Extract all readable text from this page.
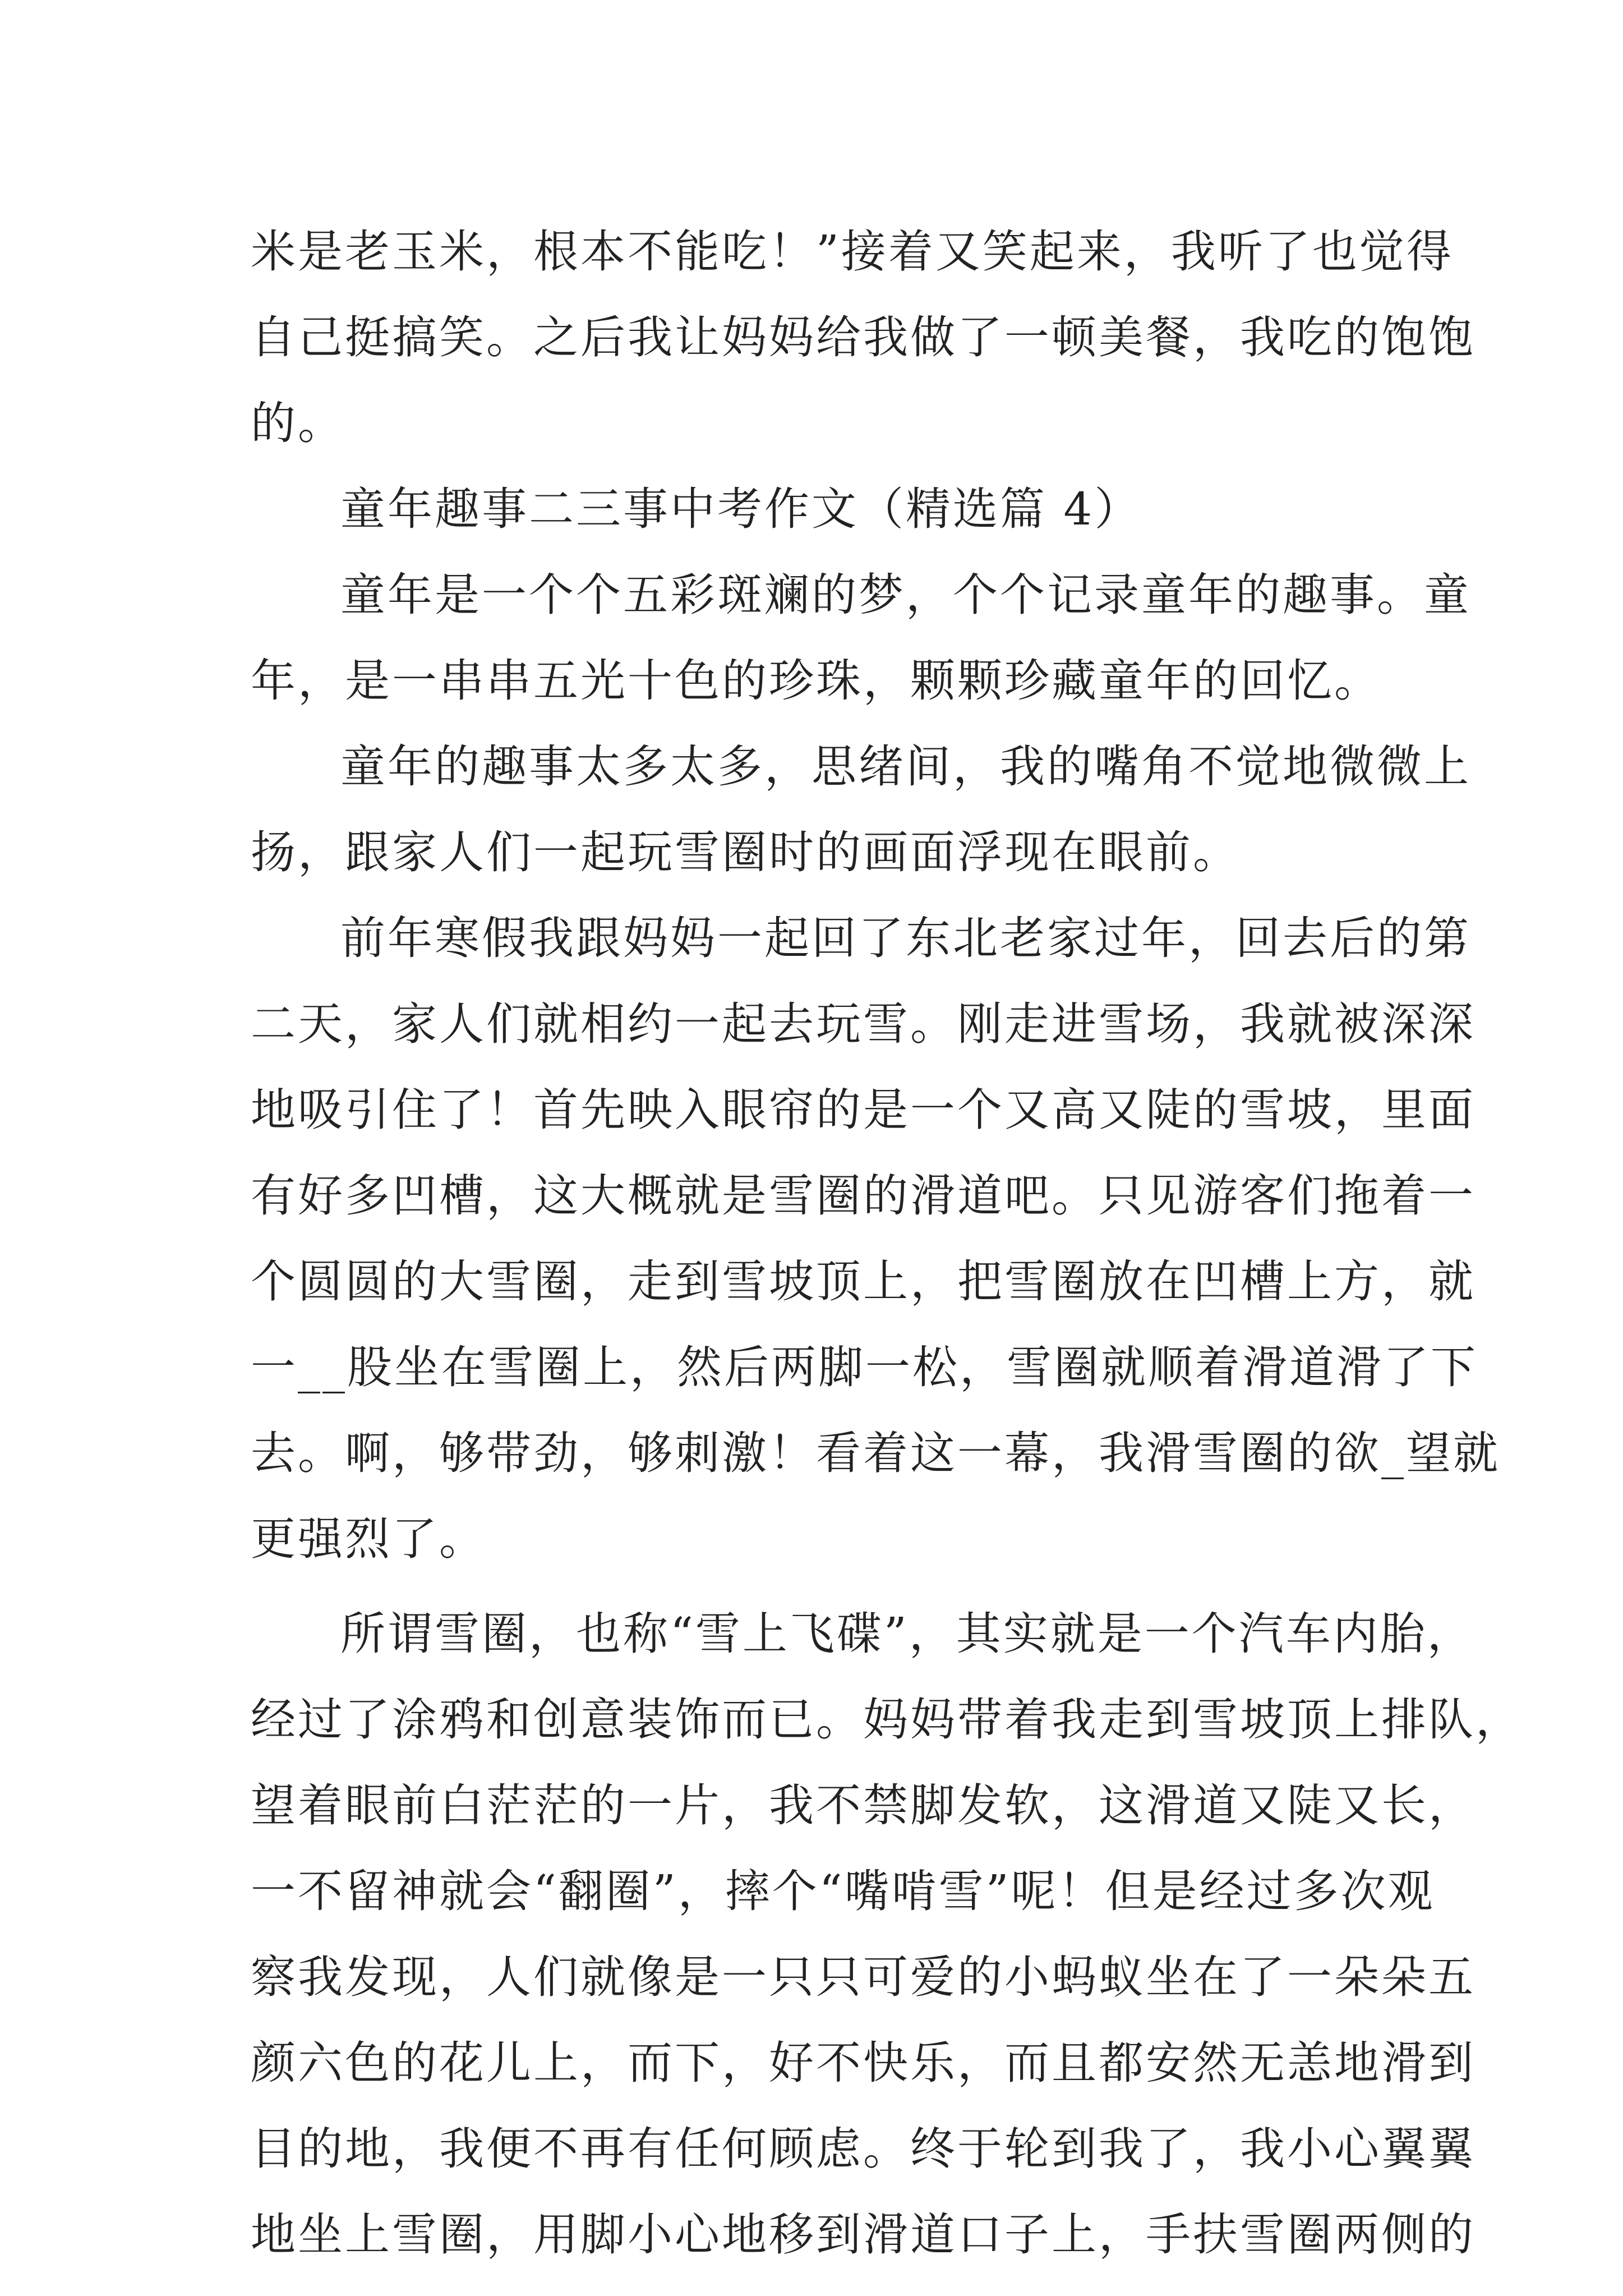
米是老玉米，根本不能吃！”接着又笑起来，我听了也觉得
自己挺搞笑。之后我让妈妈给我做了一顿美餐，我吃的饱饱
的。
童年趣事二三事中考作文（精选篇 4）
童年是一个个五彩斑斓的梦，个个记录童年的趣事。童
年，是一串串五光十色的珍珠，颗颗珍藏童年的回忆。
童年的趣事太多太多，思绪间，我的嘴角不觉地微微上
扬，跟家人们一起玩雪圈时的画面浮现在眼前。
前年寒假我跟妈妈一起回了东北老家过年，回去后的第
二天，家人们就相约一起去玩雪。刚走进雪场，我就被深深
地吸引住了！首先映入眼帘的是一个又高又陡的雪坡，里面
有好多凹槽，这大概就是雪圈的滑道吧。只见游客们拖着一
个圆圆的大雪圈，走到雪坡顶上，把雪圈放在凹槽上方，就
一__股坐在雪圈上，然后两脚一松，雪圈就顺着滑道滑了下
去。啊，够带劲，够刺激！看着这一幕，我滑雪圈的欲_望就
更强烈了。
所谓雪圈，也称“雪上飞碟”，其实就是一个汽车内胎，
经过了涂鸦和创意装饰而已。妈妈带着我走到雪坡顶上排队，
望着眼前白茫茫的一片，我不禁脚发软，这滑道又陡又长，
一不留神就会“翻圈”，摔个“嘴啃雪”呢！但是经过多次观
察我发现，人们就像是一只只可爱的小蚂蚁坐在了一朵朵五
颜六色的花儿上，而下，好不快乐，而且都安然无恙地滑到
目的地，我便不再有任何顾虑。终于轮到我了，我小心翼翼
地坐上雪圈，用脚小心地移到滑道口子上，手扶雪圈两侧的
